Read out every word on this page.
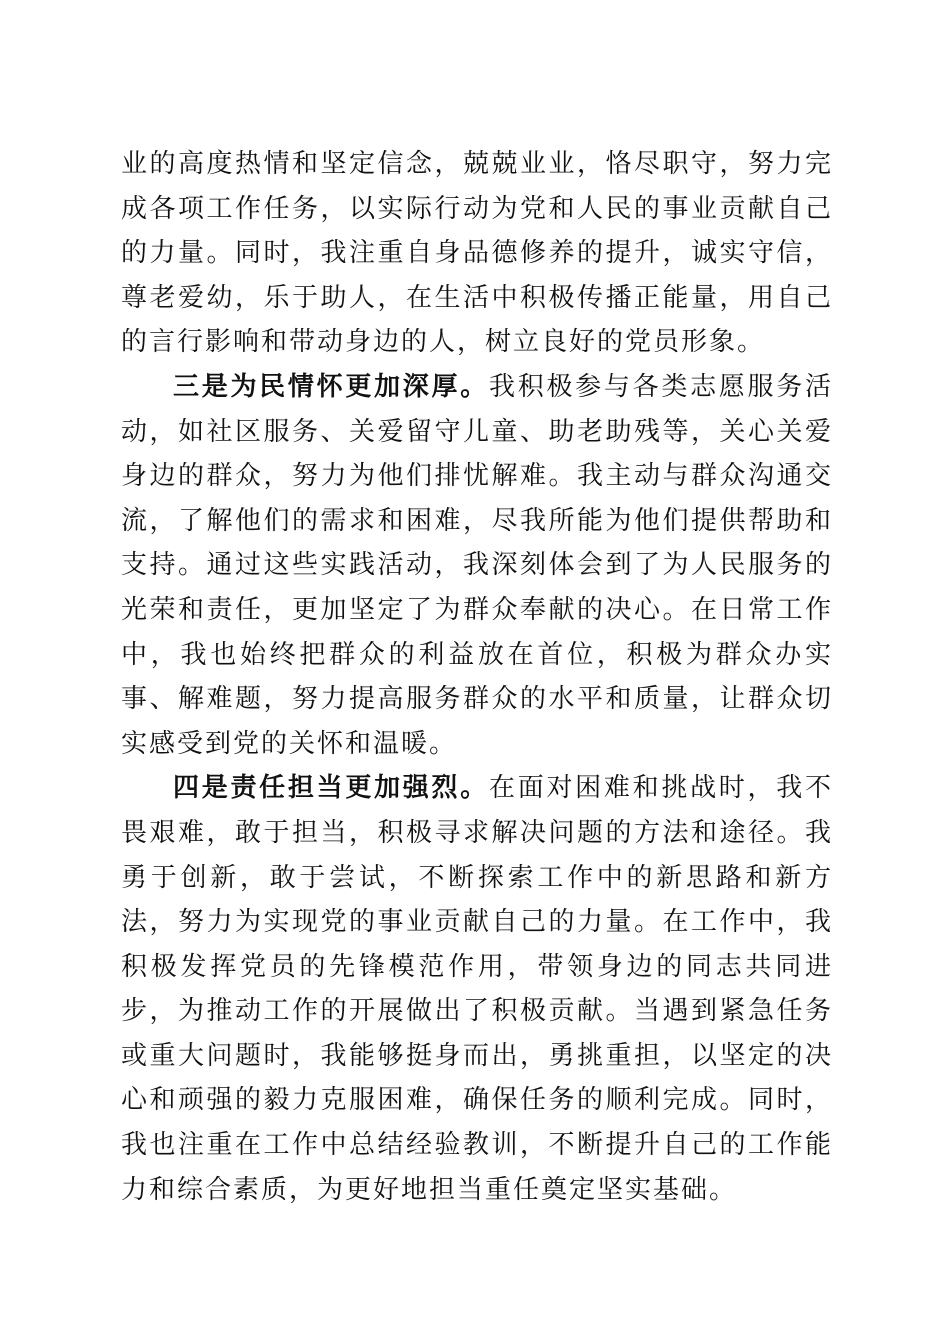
业的高度热情和坚定信念，兢兢业业，恪尽职守，努力完成各项工作任务，以实际行动为党和人民的事业贡献自己的力量。同时，我注重自身品德修养的提升，诚实守信，尊老爱幼，乐于助人，在生活中积极传播正能量，用自己的言行影响和带动身边的人，树立良好的党员形象。

三是为民情怀更加深厚。我积极参与各类志愿服务活动，如社区服务、关爱留守儿童、助老助残等，关心关爱身边的群众，努力为他们排忧解难。我主动与群众沟通交流，了解他们的需求和困难，尽我所能为他们提供帮助和支持。通过这些实践活动，我深刻体会到了为人民服务的光荣和责任，更加坚定了为群众奉献的决心。在日常工作中，我也始终把群众的利益放在首位，积极为群众办实事、解难题，努力提高服务群众的水平和质量，让群众切实感受到党的关怀和温暖。

四是责任担当更加强烈。在面对困难和挑战时，我不畏艰难，敢于担当，积极寻求解决问题的方法和途径。我勇于创新，敢于尝试，不断探索工作中的新思路和新方法，努力为实现党的事业贡献自己的力量。在工作中，我积极发挥党员的先锋模范作用，带领身边的同志共同进步，为推动工作的开展做出了积极贡献。当遇到紧急任务或重大问题时，我能够挺身而出，勇挑重担，以坚定的决心和顽强的毅力克服困难，确保任务的顺利完成。同时，我也注重在工作中总结经验教训，不断提升自己的工作能力和综合素质，为更好地担当重任奠定坚实基础。
